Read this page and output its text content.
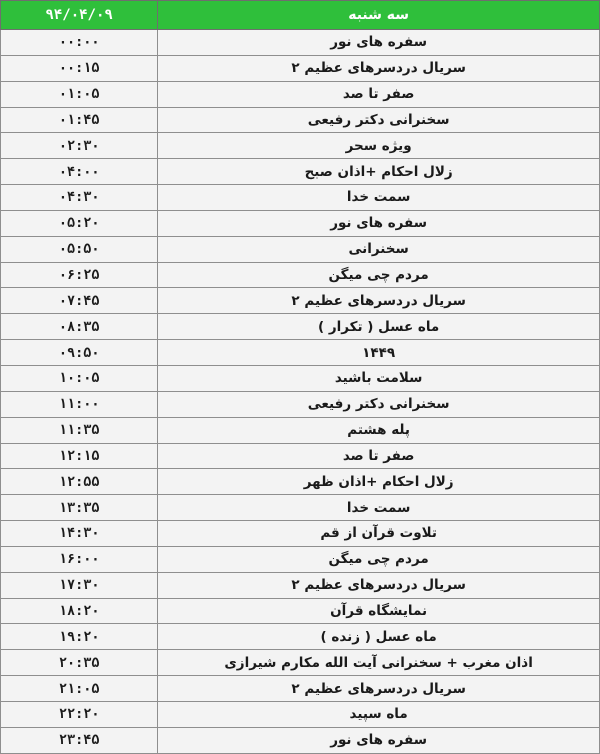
سه شنبه	۹۴/۰۴/۰۹
سفره های نور	۰۰:۰۰
سریال دردسرهای عظیم ۲	۰۰:۱۵
صفر تا صد	۰۱:۰۵
سخنرانی دکتر رفیعی	۰۱:۴۵
ویژه سحر	۰۲:۳۰
زلال احکام +اذان صبح	۰۴:۰۰
سمت خدا	۰۴:۳۰
سفره های نور	۰۵:۲۰
سخنرانی	۰۵:۵۰
مردم چی میگن	۰۶:۲۵
سریال دردسرهای عظیم ۲	۰۷:۴۵
ماه عسل ( تکرار )	۰۸:۳۵
۱۴۴۹	۰۹:۵۰
سلامت باشید	۱۰:۰۵
سخنرانی دکتر رفیعی	۱۱:۰۰
پله هشتم	۱۱:۳۵
صفر تا صد	۱۲:۱۵
زلال احکام +اذان ظهر	۱۲:۵۵
سمت خدا	۱۳:۳۵
تلاوت قرآن از قم	۱۴:۳۰
مردم چی میگن	۱۶:۰۰
سریال دردسرهای عظیم ۲	۱۷:۳۰
نمایشگاه قرآن	۱۸:۲۰
ماه عسل ( زنده )	۱۹:۲۰
اذان مغرب + سخنرانی آیت الله مکارم شیرازی	۲۰:۳۵
سریال دردسرهای عظیم ۲	۲۱:۰۵
ماه سپید	۲۲:۲۰
سفره های نور	۲۳:۴۵
